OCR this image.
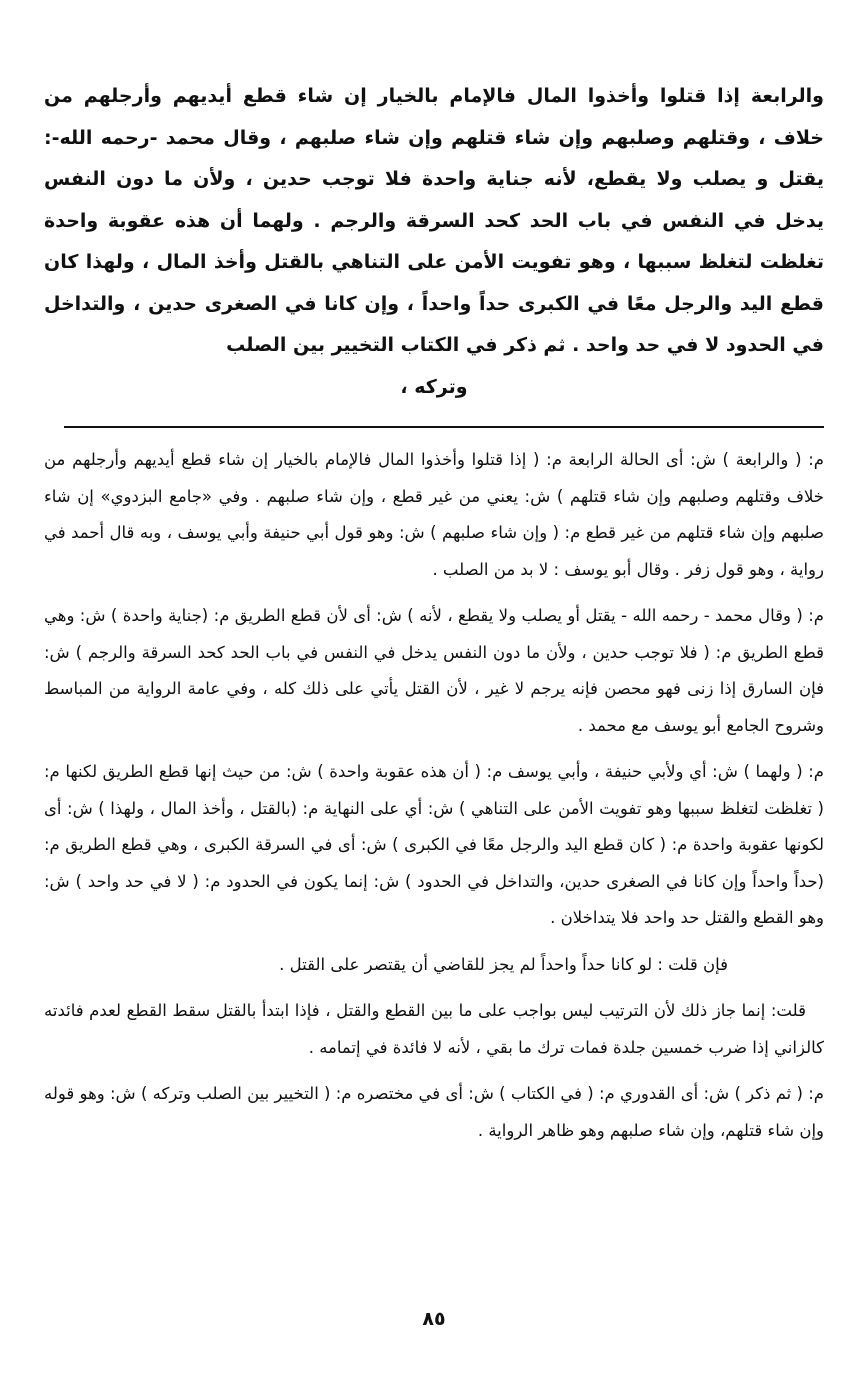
والرابعة إذا قتلوا وأخذوا المال فالإمام بالخيار إن شاء قطع أيديهم وأرجلهم من خلاف ، وقتلهم وصلبهم وإن شاء قتلهم وإن شاء صلبهم ، وقال محمد -رحمه الله-: يقتل و يصلب ولا يقطع، لأنه جناية واحدة فلا توجب حدين ، ولأن ما دون النفس يدخل في النفس في باب الحد كحد السرقة والرجم . ولهما أن هذه عقوبة واحدة تغلظت لتغلظ سببها ، وهو تفويت الأمن على التناهي بالقتل وأخذ المال ، ولهذا كان قطع اليد والرجل معًا في الكبرى حداً واحداً ، وإن كانا في الصغرى حدين ، والتداخل في الحدود لا في حد واحد . ثم ذكر في الكتاب التخيير بين الصلب

وتركه ،

م: ( والرابعة ) ش: أى الحالة الرابعة م: ( إذا قتلوا وأخذوا المال فالإمام بالخيار إن شاء قطع أيديهم وأرجلهم من خلاف وقتلهم وصلبهم وإن شاء قتلهم ) ش: يعني من غير قطع ، وإن شاء صلبهم . وفي «جامع البزدوي» إن شاء صلبهم وإن شاء قتلهم من غير قطع م: ( وإن شاء صلبهم ) ش: وهو قول أبي حنيفة وأبي يوسف ، وبه قال أحمد في رواية ، وهو قول زفر . وقال أبو يوسف : لا بد من الصلب .

م: ( وقال محمد - رحمه الله - يقتل أو يصلب ولا يقطع ، لأنه ) ش: أى لأن قطع الطريق م: (جناية واحدة ) ش: وهي قطع الطريق م: ( فلا توجب حدين ، ولأن ما دون النفس يدخل في النفس في باب الحد كحد السرقة والرجم ) ش: فإن السارق إذا زنى فهو محصن فإنه يرجم لا غير ، لأن القتل يأتي على ذلك كله ، وفي عامة الرواية من المباسط وشروح الجامع أبو يوسف مع محمد .

م: ( ولهما ) ش: أي ولأبي حنيفة ، وأبي يوسف م: ( أن هذه عقوبة واحدة ) ش: من حيث إنها قطع الطريق لكنها م: ( تغلظت لتغلظ سببها وهو تفويت الأمن على التناهي ) ش: أي على النهاية م: (بالقتل ، وأخذ المال ، ولهذا ) ش: أى لكونها عقوبة واحدة م: ( كان قطع اليد والرجل معًا في الكبرى ) ش: أى في السرقة الكبرى ، وهي قطع الطريق م: (حداً واحداً وإن كانا في الصغرى حدين، والتداخل في الحدود ) ش: إنما يكون في الحدود م: ( لا في حد واحد ) ش: وهو القطع والقتل حد واحد فلا يتداخلان .

فإن قلت : لو كانا حداً واحداً لم يجز للقاضي أن يقتصر على القتل .

قلت: إنما جاز ذلك لأن الترتيب ليس بواجب على ما بين القطع والقتل ، فإذا ابتدأ بالقتل سقط القطع لعدم فائدته كالزاني إذا ضرب خمسين جلدة فمات ترك ما بقي ، لأنه لا فائدة في إتمامه .

م: ( ثم ذكر ) ش: أى القدوري م: ( في الكتاب ) ش: أى في مختصره م: ( التخيير بين الصلب وتركه ) ش: وهو قوله وإن شاء قتلهم، وإن شاء صلبهم وهو ظاهر الرواية .

٨٥
